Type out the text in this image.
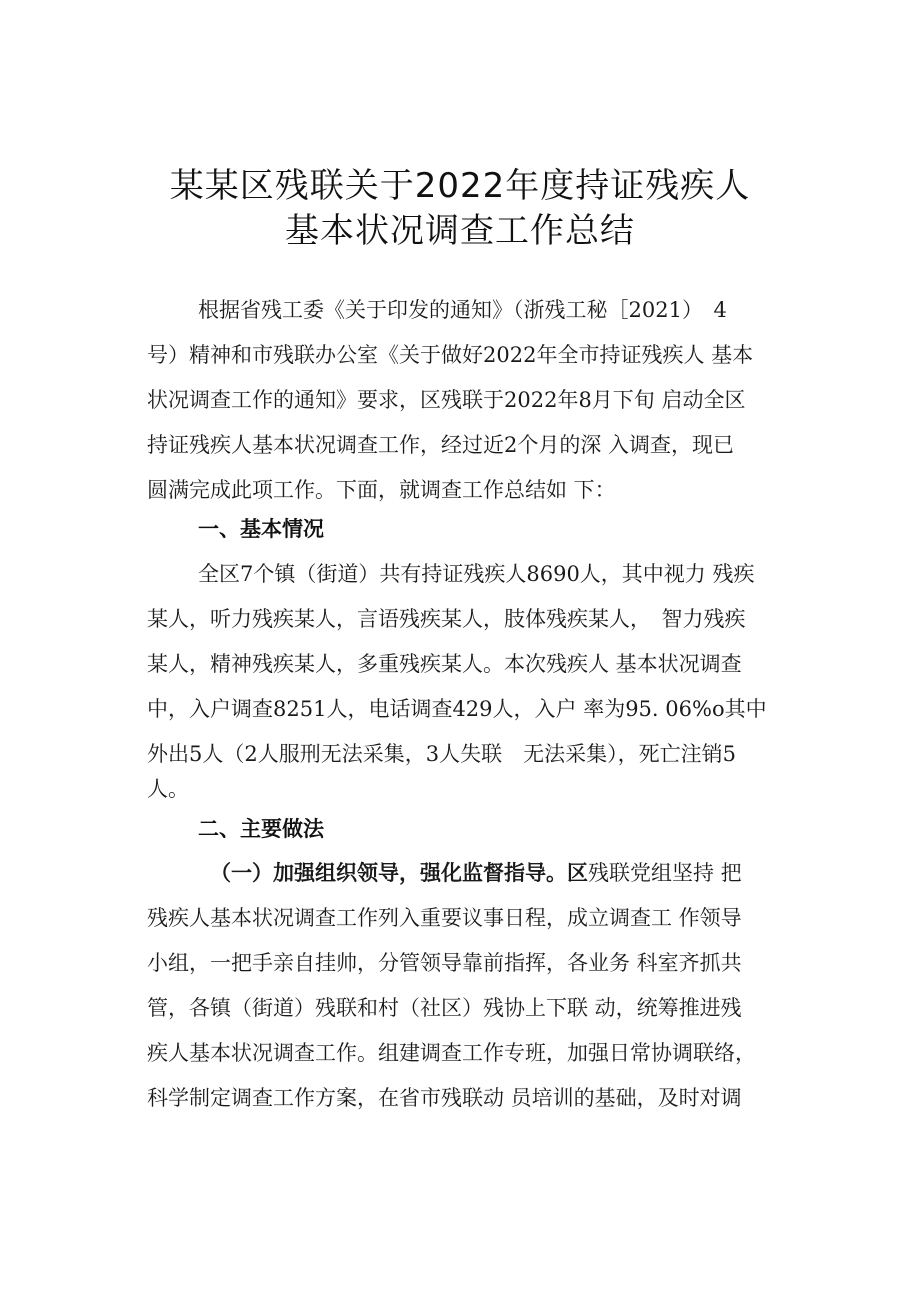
某某区残联关于2022年度持证残疾人
基本状况调查工作总结
根据省残工委《关于印发的通知》（浙残工秘［2021）　4
号）精神和市残联办公室《关于做好2022年全市持证残疾人 基本
状况调查工作的通知》要求，区残联于2022年8月下旬 启动全区
持证残疾人基本状况调查工作，经过近2个月的深 入调查，现已
圆满完成此项工作。下面，就调查工作总结如 下：
一、基本情况
全区7个镇（街道）共有持证残疾人8690人，其中视力 残疾
某人，听力残疾某人，言语残疾某人，肢体残疾某人，　智力残疾
某人，精神残疾某人，多重残疾某人。本次残疾人 基本状况调查
中，入户调查8251人，电话调查429人，入户 率为95. 06%o其中
外出5人（2人服刑无法采集，3人失联　无法采集），死亡注销5
人。
二、主要做法
（一）加强组织领导，强化监督指导。区残联党组坚持 把
残疾人基本状况调查工作列入重要议事日程，成立调查工 作领导
小组，一把手亲自挂帅，分管领导靠前指挥，各业务 科室齐抓共
管，各镇（街道）残联和村（社区）残协上下联 动，统筹推进残
疾人基本状况调查工作。组建调查工作专班，加强日常协调联络，
科学制定调查工作方案，在省市残联动 员培训的基础，及时对调
